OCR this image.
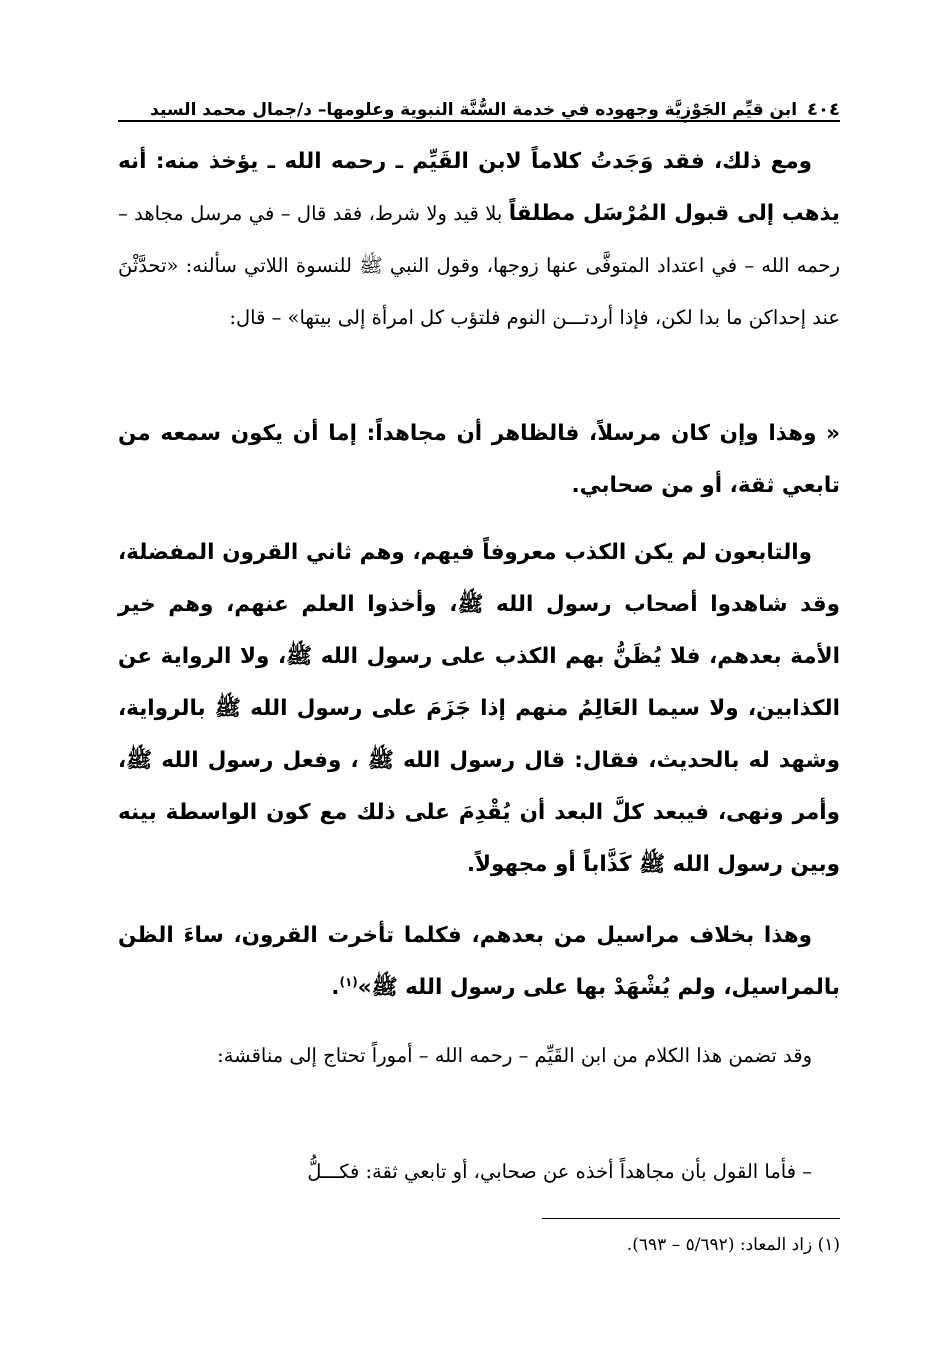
٤٠٤
ابن قيِّم الجَوْزِيَّة وجهوده في خدمة السُّنَّة النبوية وعلومها– د/جمال محمد السيد

ومع ذلك، فقد وَجَدتُ كلاماً لابن القَيِّم ـ رحمه الله ـ يؤخذ منه: أنه يذهب إلى قبول المُرْسَل مطلقاً بلا قيد ولا شرط، فقد قال – في مرسل مجاهد – رحمه الله – في اعتداد المتوفَّى عنها زوجها، وقول النبي ﷺ للنسوة اللاتي سألنه: «تحدَّثْنَ عند إحداكن ما بدا لكن، فإذا أردتـــن النوم فلتؤب كل امرأة إلى بيتها» – قال:

« وهذا وإن كان مرسلاً، فالظاهر أن مجاهداً: إما أن يكون سمعه من تابعي ثقة، أو من صحابي.

والتابعون لم يكن الكذب معروفاً فيهم، وهم ثاني القرون المفضلة، وقد شاهدوا أصحاب رسول الله ﷺ، وأخذوا العلم عنهم، وهم خير الأمة بعدهم، فلا يُظَنُّ بهم الكذب على رسول الله ﷺ، ولا الرواية عن الكذابين، ولا سيما العَالِمُ منهم إذا جَزَمَ على رسول الله ﷺ بالرواية، وشهد له بالحديث، فقال: قال رسول الله ﷺ ، وفعل رسول الله ﷺ، وأمر ونهى، فيبعد كلَّ البعد أن يُقْدِمَ على ذلك مع كون الواسطة بينه وبين رسول الله ﷺ كَذَّاباً أو مجهولاً.

وهذا بخلاف مراسيل من بعدهم، فكلما تأخرت القرون، ساءَ الظن بالمراسيل، ولم يُشْهَدْ بها على رسول الله ﷺ»$^{(١)}$.

وقد تضمن هذا الكلام من ابن القَيِّم – رحمه الله – أموراً تحتاج إلى مناقشة:

– فأما القول بأن مجاهداً أخذه عن صحابي، أو تابعي ثقة: فكـــلُّ

(١) زاد المعاد: (٥/٦٩٢ – ٦٩٣).
